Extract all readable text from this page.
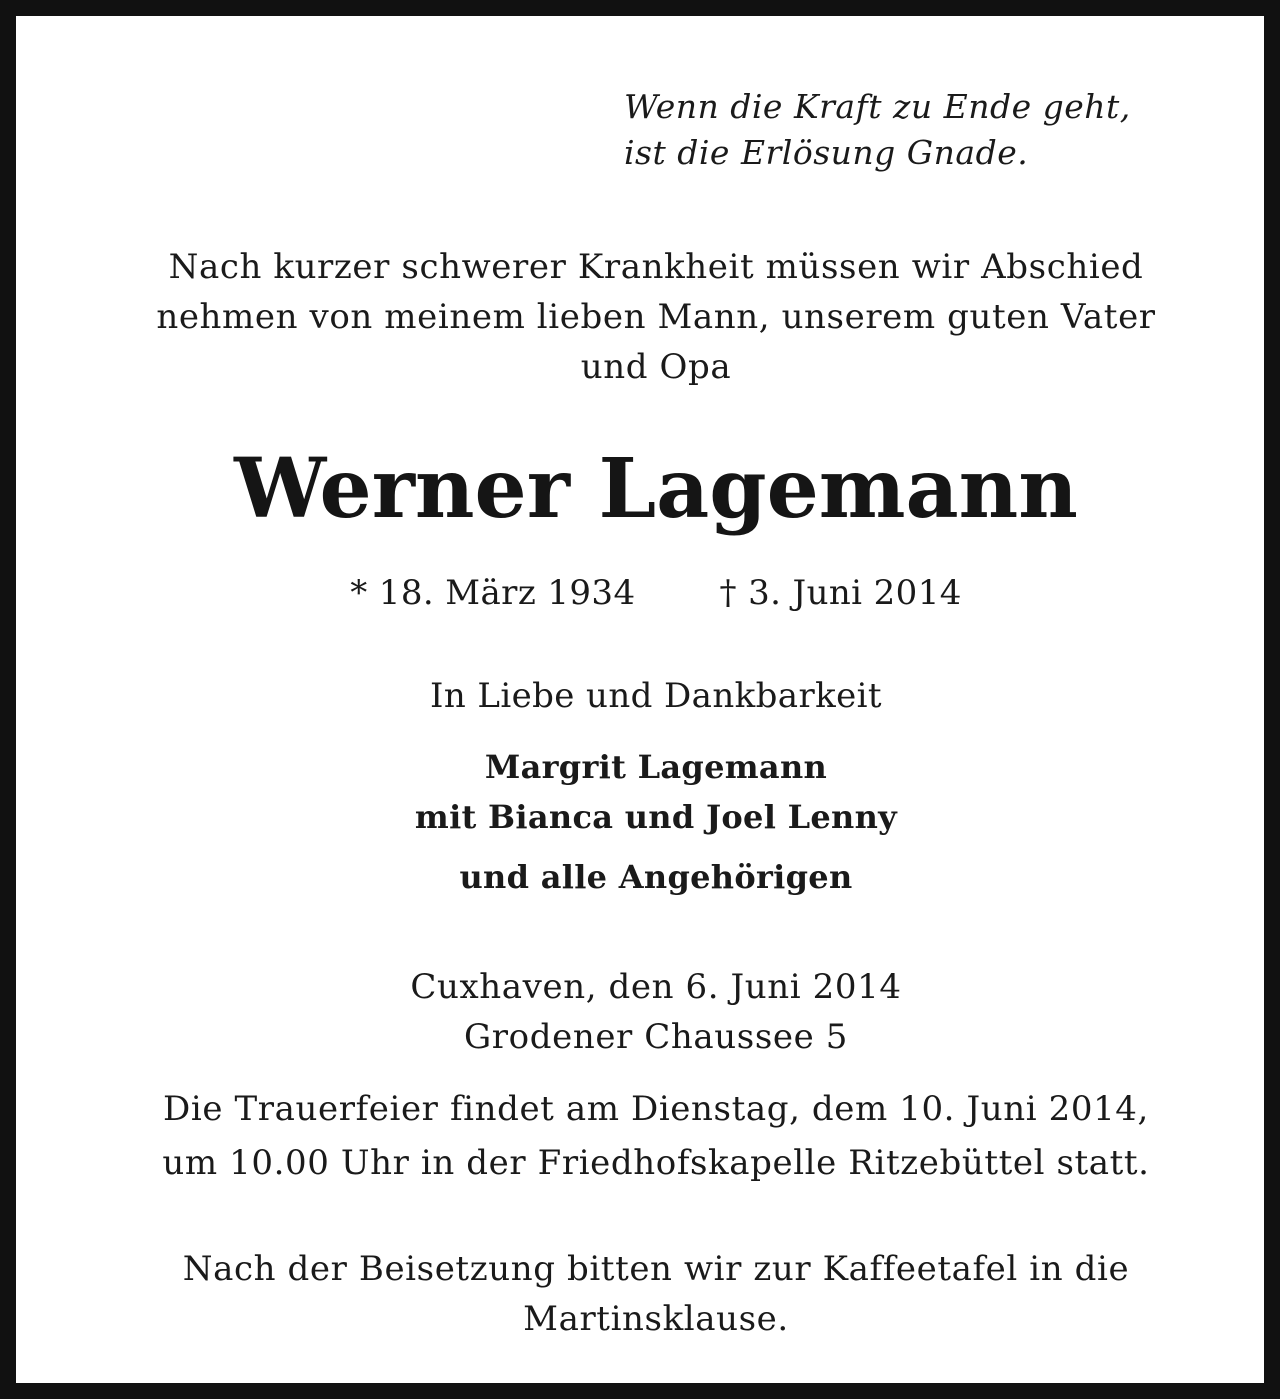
Wenn die Kraft zu Ende geht,
ist die Erlösung Gnade.
Nach kurzer schwerer Krankheit müssen wir Abschied
nehmen von meinem lieben Mann, unserem guten Vater
und Opa
Werner Lagemann
* 18. März 1934 † 3. Juni 2014
In Liebe und Dankbarkeit
Margrit Lagemann
mit Bianca und Joel Lenny
und alle Angehörigen
Cuxhaven, den 6. Juni 2014
Grodener Chaussee 5
Die Trauerfeier findet am Dienstag, dem 10. Juni 2014,
um 10.00 Uhr in der Friedhofskapelle Ritzebüttel statt.
Nach der Beisetzung bitten wir zur Kaffeetafel in die
Martinsklause.
